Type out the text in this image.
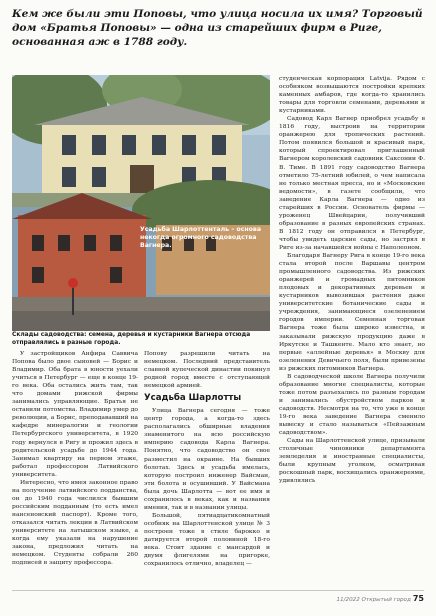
Кем же были эти Поповы, что улица носила их имя? Торговый дом «Братья Поповы» — одна из старейших фирм в Риге, основанная аж в 1788 году.

Усадьба Шарлоттенталь – основа некогда огромного садоводства Вагнера.

Склады садоводства: семена, деревья и кустарники Вагнера отсюда отправлялись в разные города.

У застройщиков Анфира Саввича Попова было двое сыновей — Борис и Владимир. Оба брата в юности уехали учиться в Петербург — еще в конце 19-го века. Оба остались жить там, так что домами рижской фирмы занимались управляющие. Братья не оставили потомства. Владимир умер до революции, а Борис, преподававший на кафедре минералогии и геологии Петербургского университета, в 1920 году вернулся в Ригу и прожил здесь в родительской усадьбе до 1944 года. Занимал квартиру на первом этаже, работал профессором Латвийского университета.

Интересно, что имея законное право на получение латвийского подданства, он до 1940 года числился бывшим российским подданным (то есть имел нансеновский паспорт). Кроме того, отказался читать лекции в Латвийском университете на латышском языке, а когда ему указали на нарушение закона, предложил читать на немецком. Студенты собрали 260 подписей в защиту профессора.

Попову разрешили читать на немецком. Последний представитель славной купеческой династии покинул родной город вместе с отступающей немецкой армией.

Усадьба Шарлотты

Улица Вагнера сегодня — тоже центр города, а когда-то здесь располагались обширные владения знаменитого на всю российскую империю садовода Карла Вагнера. Понятно, что садоводство он свое разместил на окраине. На бывших болотах. Здесь и усадьба имелась, которую построил инженер Вайсман, эти болота и осушивший. У Вайсмана была дочь Шарлотта — вот ее имя и сохранилось в веках, как и названия имения, так и в названии улицы.

Большой, пятиадцатикомнатный особняк на Шарлоттенской улице № 3 построен тоже в стиле барокко и датируется второй половиной 18-го века. Стоит здание с мансардой и двумя флигелями на пригорке, сохранилось отлично, владелец —

студенческая корпорация Latvija. Рядом с особняком возвышаются постройки крепких каменных амбаров, где когда-то хранились товары для торговли семенами, деревьями и кустарниками.

Садовод Карл Вагнер приобрел усадьбу в 1816 году, выстроив на территории оранжерею для тропических растений. Потом появился большой и красивый парк, который спроектировал приглашенный Вагнером королевский садовник Саксонии Ф. В. Тиме. В 1891 году садоводство Вагнера отметило 75-летний юбилей, о чем написала не только местная пресса, но и «Московские ведомости», в газете сообщили, что заведение Карла Вагнера — одно из старейших в России. Основатель фирмы — уроженец Швейцарии, получивший образование в разных европейских странах. В 1812 году он отправился в Петербург, чтобы увидеть царские сады, но застрял в Риге из-за начавшейся войны с Наполеоном.

Благодаря Вагнеру Рига в конце 19-го века стала второй после Варшавы центром промышленного садоводства. Из рижских оранжерей и громадных питомников плодовых и декоративных деревьев и кустарников вывозившая растения даже университетские ботанические сады и учреждения, занимающиеся озеленением городов империи. Семенная торговая Вагнера тоже была широко известна, и заказывали рижскую продукцию даже в Иркутске и Ташкенте. Мало кто знает, но первые «аллейные деревья» в Москву для озеленения Девичьего поля, были привезены из рижских питомников Вагнера.

В садоводческой школе Вагнера получили образование многие специалисты, которые тоже потом разъехались по разным городам и занимались обустройством парков и садоводств. Несмотря на то, что уже в конце 19-го века заведение Вагнера сменило вывеску и стало называться «Пейзажным садоводством».

Сады на Шарлоттенской улице, призывали столичные чиновники департамента земледелия и иностранные специалисты, были крупным уголком, осматривая роскошный парк, восхищались оранжереями, удивлялись

11/2022 Открытый город 75
